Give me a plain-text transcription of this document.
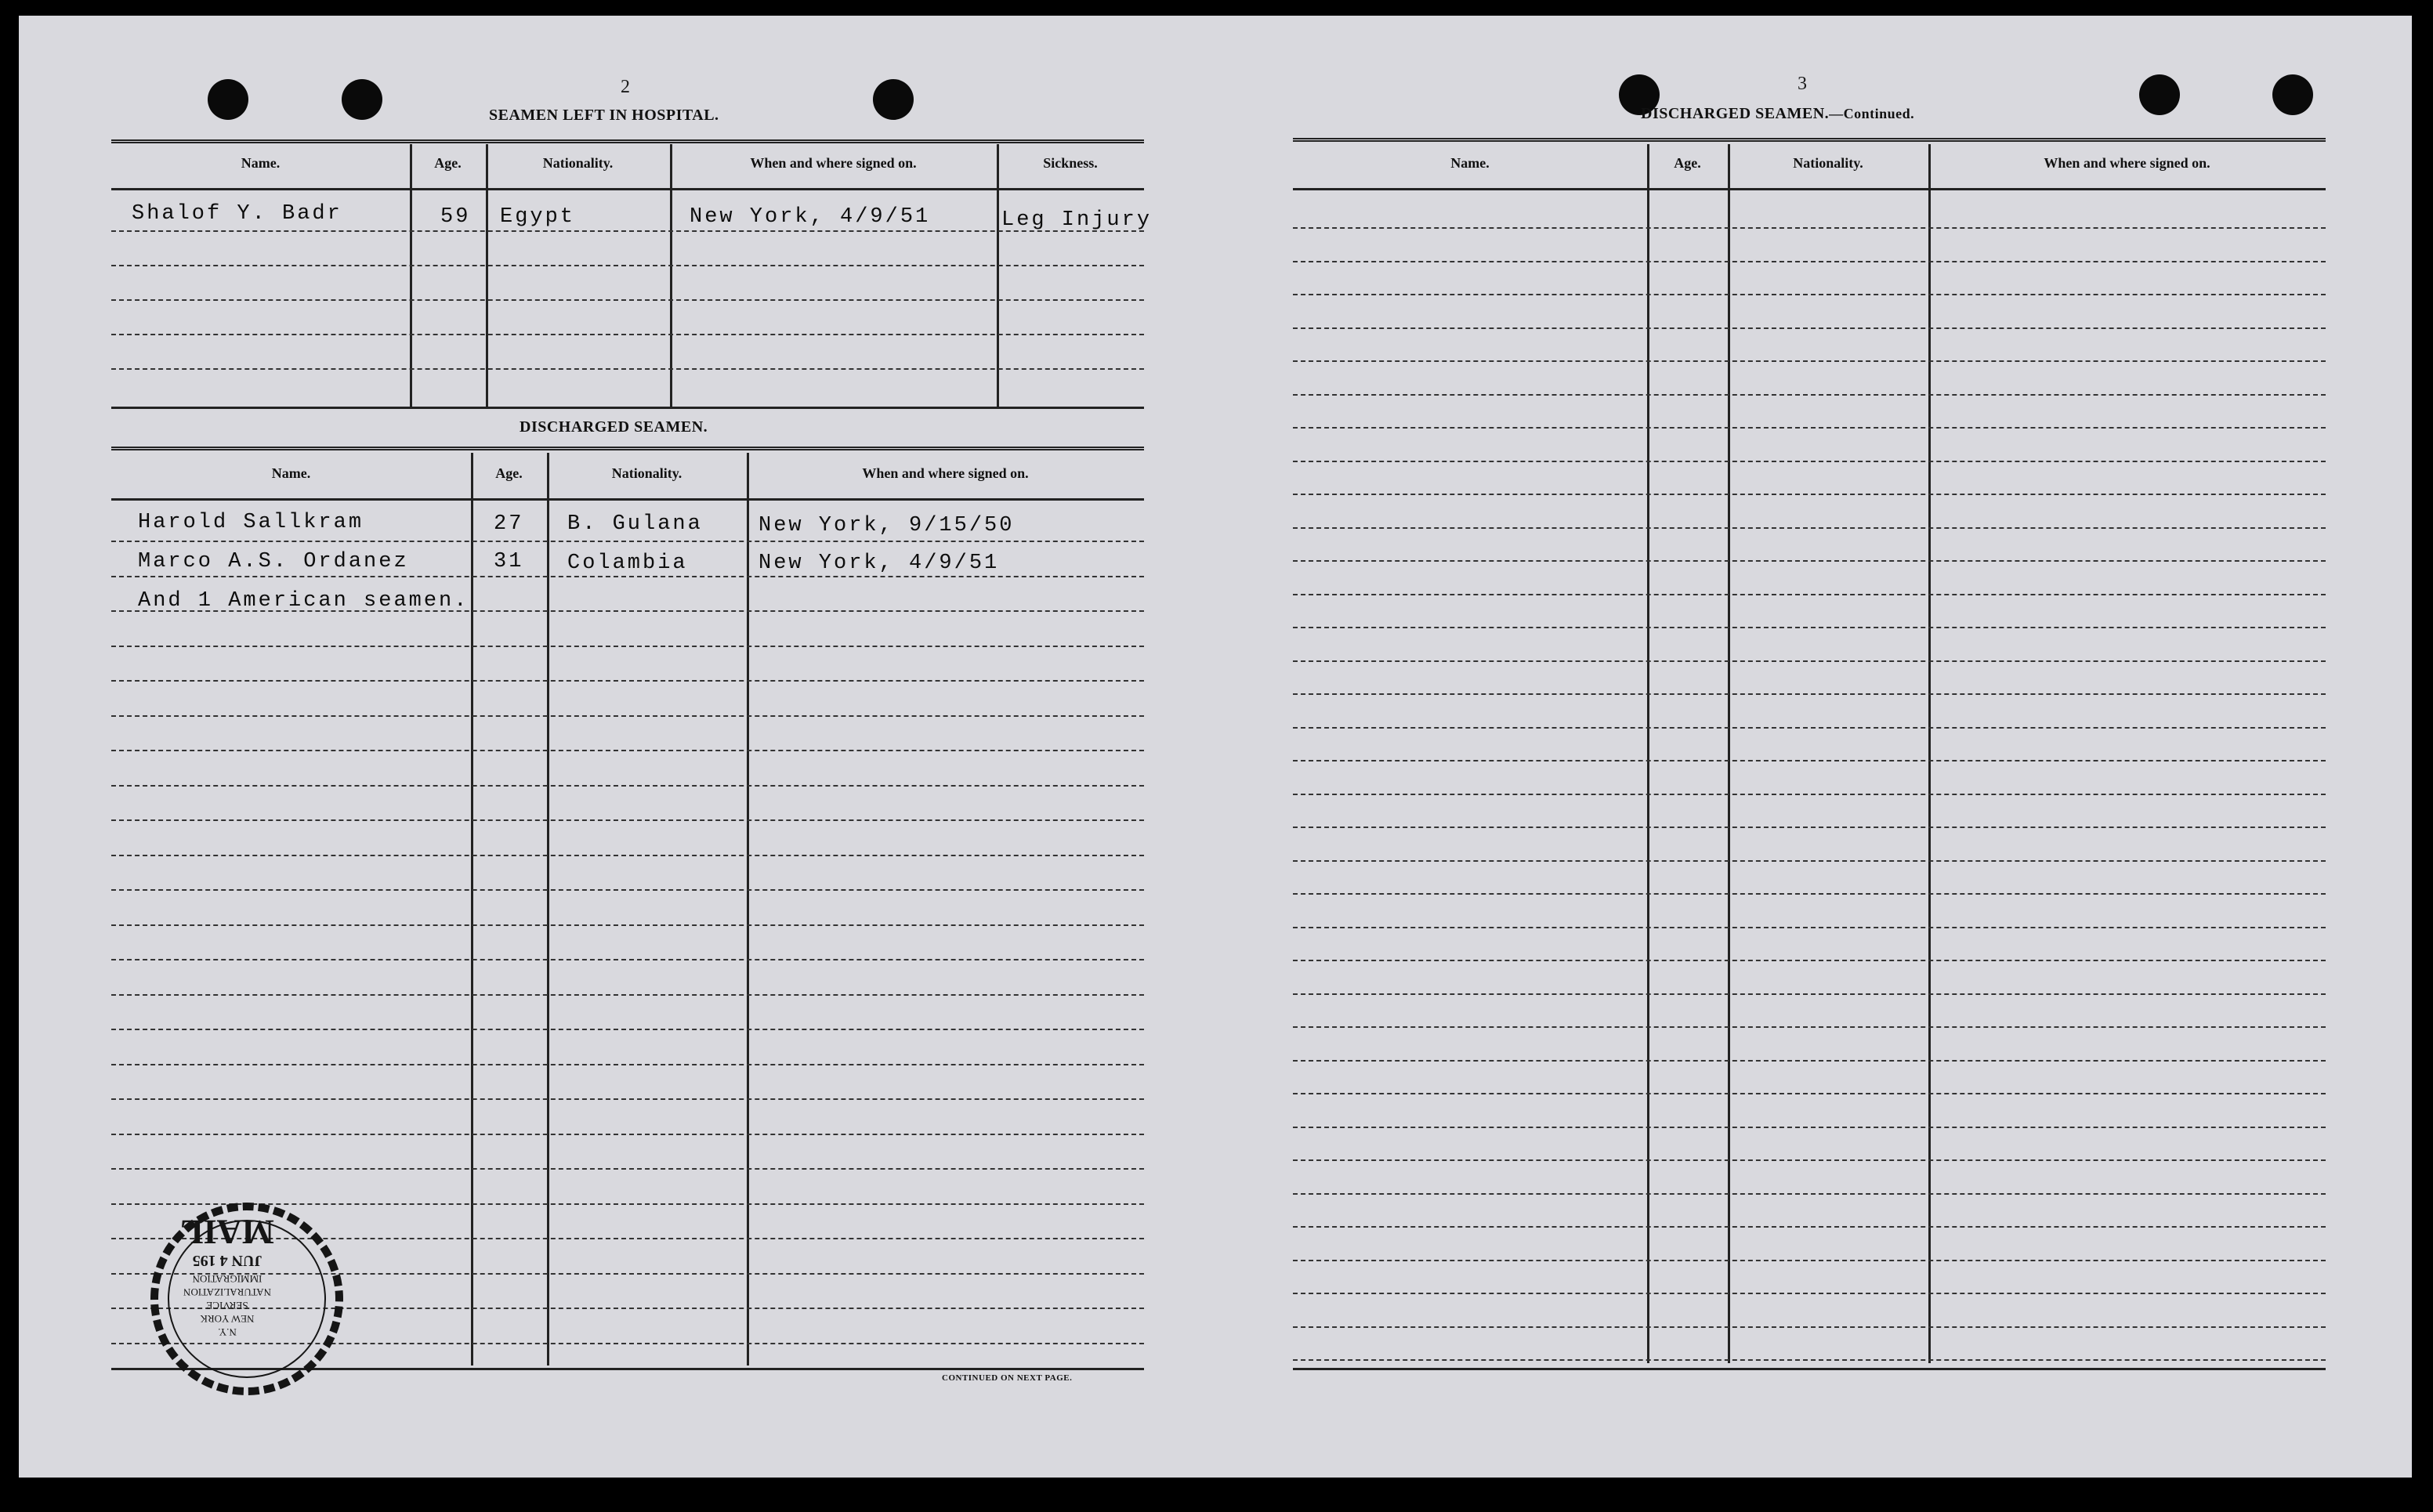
2
SEAMEN LEFT IN HOSPITAL.
Name.	Age.	Nationality.	When and where signed on.	Sickness.
Shalof Y. Badr	59 Egypt	New York, 4/9/51	Leg Injury
DISCHARGED SEAMEN.
Name.	Age.	Nationality.	When and where signed on.
Harold Sallkram	27 B. Gulana	New York, 9/15/50
Marco A.S. Ordanez	31 Colambia	New York, 4/9/51
And 1 American seamen.
CONTINUED ON NEXT PAGE.
MAIL
JUN 4 195
IMMIGRATION
NATURALIZATION
SERVICE
NEW YORK
N.Y.
3
DISCHARGED SEAMEN.—Continued.
Name.	Age.	Nationality.	When and where signed on.
